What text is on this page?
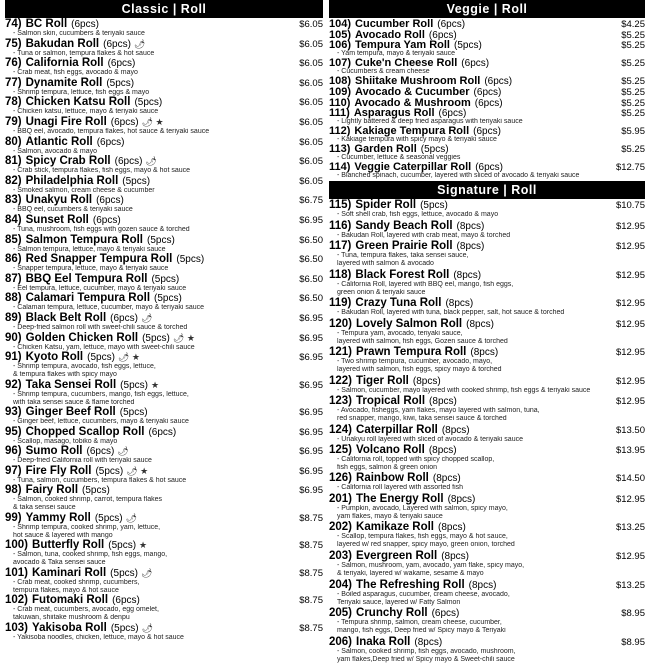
Classic | Roll
74) BC Roll (6pcs)	$6.05
- Salmon skin, cucumbers & teriyaki sauce
75) Bakudan Roll (6pcs) 🌶	$6.05
- Tuna or salmon, tempura flakes & hot sauce
76) California Roll (6pcs)	$6.05
- Crab meat, fish eggs, avocado & mayo
77) Dynamite Roll (5pcs)	$6.05
- Shrimp tempura, lettuce, fish eggs & mayo
78) Chicken Katsu Roll (5pcs)	$6.05
- Chicken katsu, lettuce, mayo & teriyaki sauce
79) Unagi Fire Roll (6pcs) 🌶 ★	$6.05
- BBQ eel, avocado, tempura flakes, hot sauce & teriyaki sauce
80) Atlantic Roll (6pcs)	$6.05
- Salmon, avocado & mayo
81) Spicy Crab Roll (6pcs) 🌶	$6.05
- Crab stick, tempura flakes, fish eggs, mayo & hot sauce
82) Philadelphia Roll (5pcs)	$6.05
- Smoked salmon, cream cheese & cucumber
83) Unakyu Roll (6pcs)	$6.75
- BBQ eel, cucumbers & teriyaki sauce
84) Sunset Roll (6pcs)	$6.95
- Tuna, mushroom, fish eggs with gozen sauce & torched
85) Salmon Tempura Roll (5pcs)	$6.50
- Salmon tempura, lettuce, mayo & teriyaki sauce
86) Red Snapper Tempura Roll (5pcs)	$6.50
- Snapper tempura, lettuce, mayo & teriyaki sauce
87) BBQ Eel Tempura Roll (5pcs)	$6.50
- Eel tempura, lettuce, cucumber, mayo & teriyaki sauce
88) Calamari Tempura Roll (5pcs)	$6.50
- Calamari tempura, lettuce, cucumber, mayo & teriyaki sauce
89) Black Belt Roll (6pcs) 🌶	$6.95
- Deep-fried salmon roll with sweet-chili sauce & torched
90) Golden Chicken Roll (5pcs) 🌶 ★	$6.95
- Chicken Katsu, yam, lettuce, mayo with sweet-chili sauce
91) Kyoto Roll (5pcs) 🌶 ★	$6.95
- Shrimp tempura, avocado, fish eggs, lettuce,
& tempura flakes with spicy mayo
92) Taka Sensei Roll (5pcs) ★	$6.95
- Shrimp tempura, cucumbers, mango, fish eggs, lettuce,
with taka sensei sauce & flame torched
93) Ginger Beef Roll (5pcs)	$6.95
- Ginger beef, lettuce, cucumbers, mayo & teriyaki sauce
95) Chopped Scallop Roll (6pcs)	$6.95
- Scallop, masago, tobiko & mayo
96) Sumo Roll (6pcs) 🌶	$6.95
- Deep-fried California roll with teriyaki sauce
97) Fire Fly Roll (5pcs) 🌶 ★	$6.95
- Tuna, salmon, cucumbers, tempura flakes & hot sauce
98) Fairy Roll (5pcs)	$6.95
- Salmon, cooked shrimp, carrot, tempura flakes
& taka sensei sauce
99) Yammy Roll (5pcs) 🌶	$8.75
- Shrimp tempura, cooked shrimp, yam, lettuce,
hot sauce & layered with mango
100) Butterfly Roll (5pcs) ★	$8.75
- Salmon, tuna, cooked shrimp, fish eggs, mango,
avocado & Taka sensei sauce
101) Kaminari Roll (5pcs) 🌶	$8.75
- Crab meat, cooked shrimp, cucumbers,
tempura flakes, mayo & hot sauce
102) Futomaki Roll (6pcs)	$8.75
- Crab meat, cucumbers, avocado, egg omelet,
takuwan, shiitake mushroom & denpu
103) Yakisoba Roll (5pcs) 🌶	$8.75
- Yakisoba noodles, chicken, lettuce, mayo & hot sauce
Veggie | Roll
104) Cucumber Roll (6pcs)	$4.25
105) Avocado Roll (6pcs)	$5.25
106) Tempura Yam Roll (5pcs)	$5.25
- Yam tempura, mayo & teriyaki sauce
107) Cuke'n Cheese Roll (6pcs)	$5.25
- Cucumbers & cream cheese
108) Shiitake Mushroom Roll (6pcs)	$5.25
109) Avocado & Cucumber (6pcs)	$5.25
110) Avocado & Mushroom (6pcs)	$5.25
111) Asparagus Roll (6pcs)	$5.25
- Lightly battered & deep fried asparagus with teriyaki sauce
112) Kakiage Tempura Roll (6pcs)	$5.95
- Kakiage tempura with spicy mayo & teriyaki sauce
113) Garden Roll (5pcs)	$5.25
- Cucumber, lettuce & seasonal veggies
114) Veggie Caterpillar Roll (6pcs)	$12.75
- Blanched spinach, cucumber, layered with sliced of avocado & teriyaki sauce
Signature | Roll
115) Spider Roll (5pcs)	$10.75
- Soft shell crab, fish eggs, lettuce, avocado & mayo
116) Sandy Beach Roll (8pcs)	$12.95
- Bakudan Roll, layered with crab meat, mayo & torched
117) Green Prairie Roll (8pcs)	$12.95
- Tuna, tempura flakes, taka sensei sauce,
layered with salmon & avocado
118) Black Forest Roll (8pcs)	$12.95
- California Roll, layered with BBQ eel, mango, fish eggs,
green onion & teriyaki sauce
119) Crazy Tuna Roll (8pcs)	$12.95
- Bakudan Roll, layered with tuna, black pepper, salt, hot sauce & torched
120) Lovely Salmon Roll (8pcs)	$12.95
- Tempura yam, avocado, teriyaki sauce,
layered with salmon, fish eggs, Gozen sauce & torched
121) Prawn Tempura Roll (8pcs)	$12.95
- Two shrimp tempura, cucumber, avocado, mayo,
layered with salmon, fish eggs, spicy mayo & torched
122) Tiger Roll (8pcs)	$12.95
- Salmon, cucumber, mayo layered with cooked shrimp, fish eggs & teriyaki sauce
123) Tropical Roll (8pcs)	$12.95
- Avocado, fisheggs, yam flakes, mayo layered with salmon, tuna,
red snapper, mango, kiwi, taka sensei sauce & torched
124) Caterpillar Roll (8pcs)	$13.50
- Unakyu roll layered with sliced of avocado & teriyaki sauce
125) Volcano Roll (8pcs)	$13.95
- California roll, topped with spicy chopped scallop,
fish eggs, salmon & green onion
126) Rainbow Roll (8pcs)	$14.50
- California roll layered with assorted fish
201) The Energy Roll (8pcs)	$12.95
- Pumpkin, avocado, Layered with salmon, spicy mayo,
yam flakes, mayo & teriyaki sauce
202) Kamikaze Roll (8pcs)	$13.25
- Scallop, tempura flakes, fish eggs, mayo & hot sauce,
layered w/ red snapper, spicy mayo, green onion, torched
203) Evergreen Roll (8pcs)	$12.95
- Salmon, mushroom, yam, avocado, yam flake, spicy mayo,
& teriyaki, layered w/ wakame, sesame & mayo
204) The Refreshing Roll (8pcs)	$13.25
- Boiled asparagus, cucumber, cream cheese, avocado,
Teriyaki sauce, layered w/ Fatty Salmon
205) Crunchy Roll (6pcs)	$8.95
- Tempura shrimp, salmon, cream cheese, cucumber,
mango, fish eggs, Deep fried w/ Spicy mayo & Teriyaki
206) Inaka Roll (8pcs)	$8.95
- Salmon, cooked shrimp, fish eggs, avocado, mushroom,
yam flakes,Deep fried w/ Spicy mayo & Sweet-chili sauce
